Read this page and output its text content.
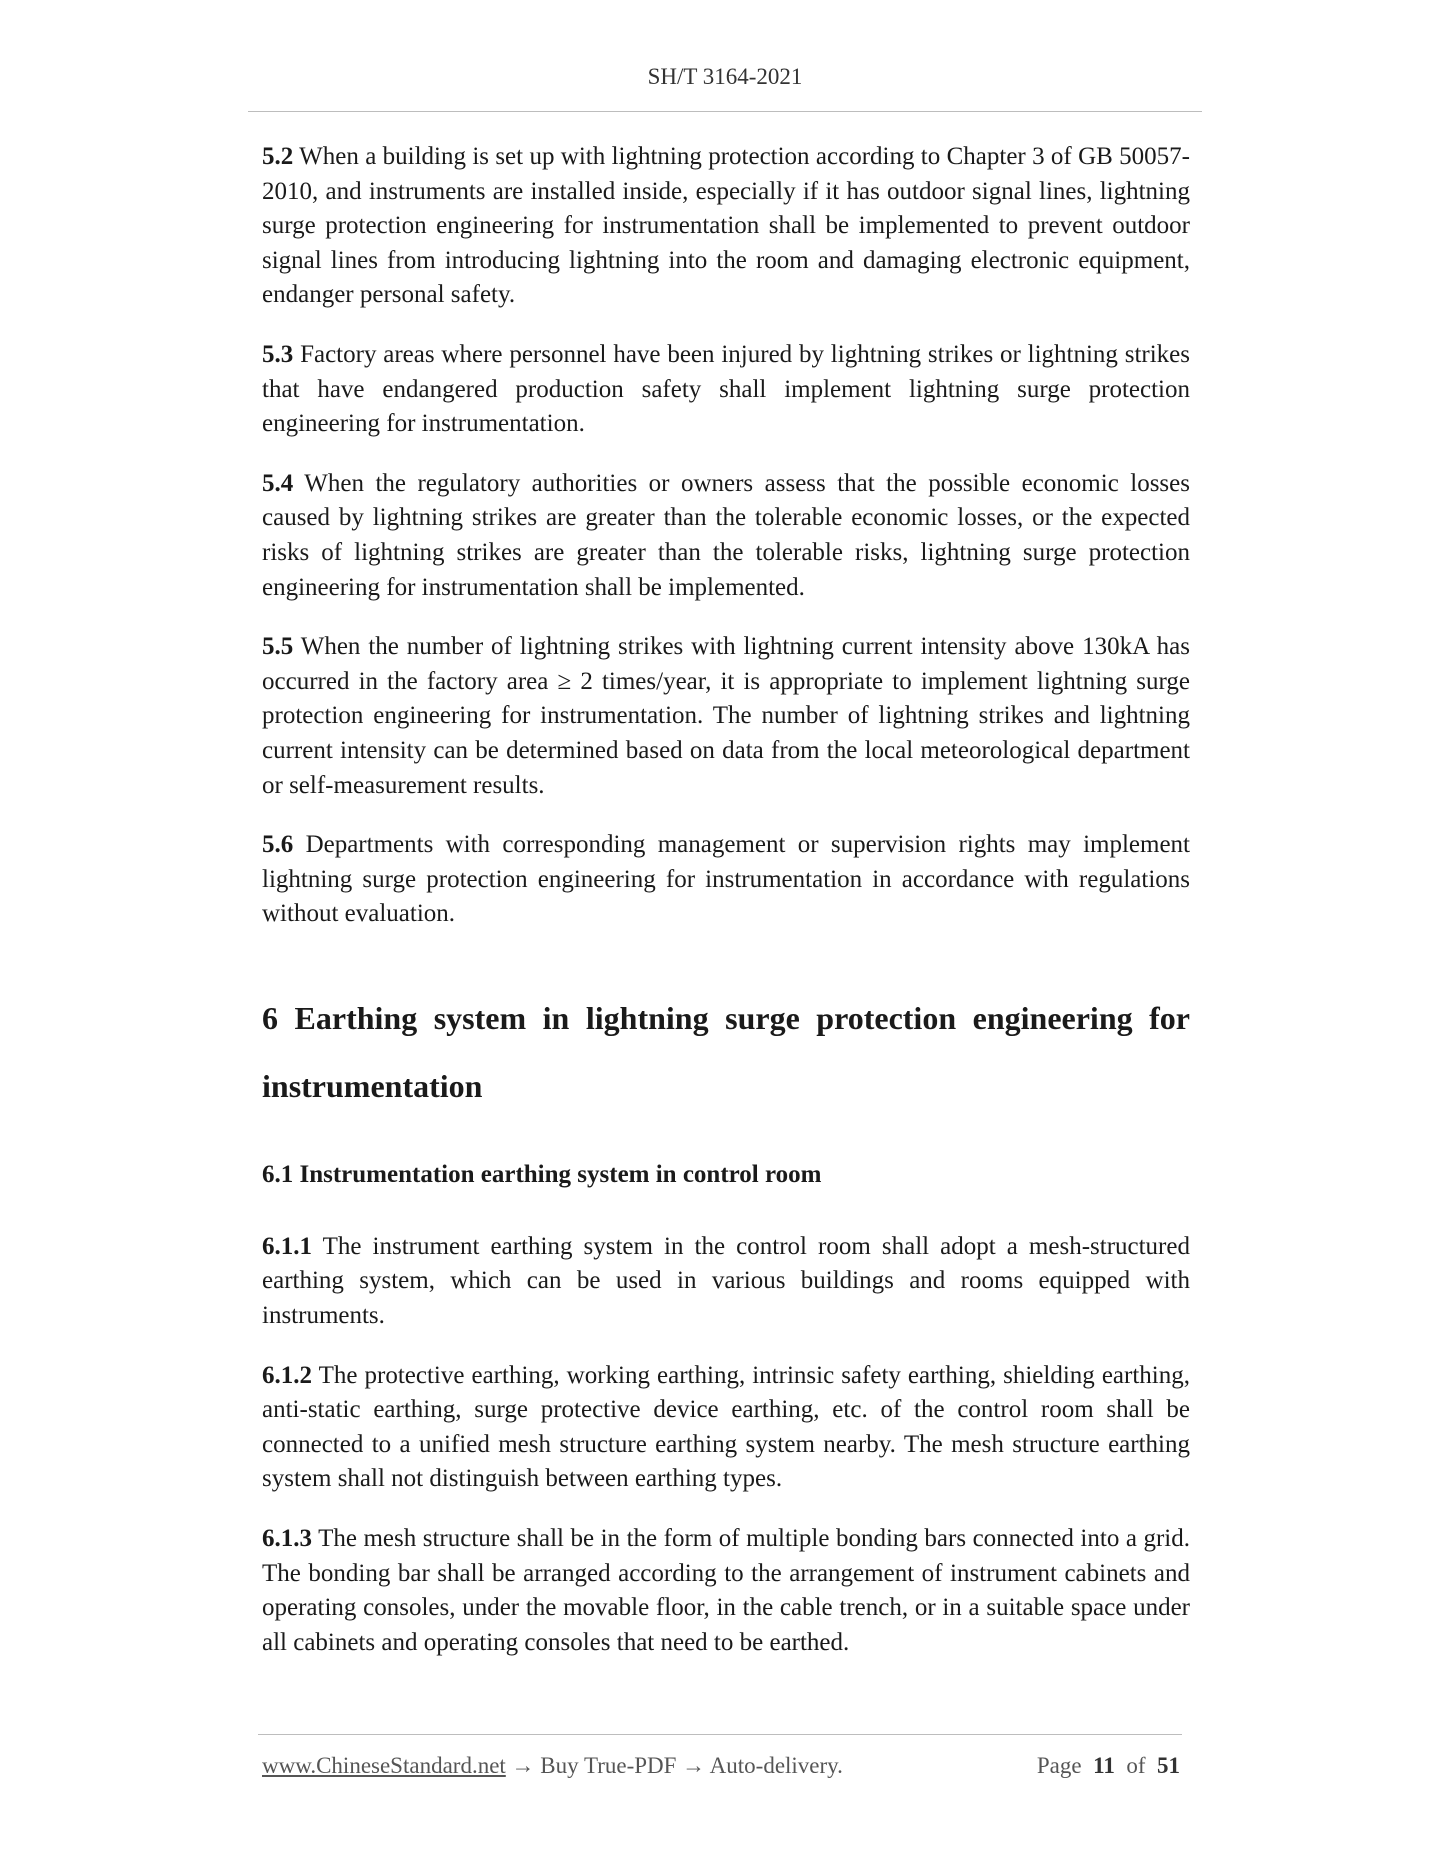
SH/T 3164-2021

5.2 When a building is set up with lightning protection according to Chapter 3 of GB 50057-2010, and instruments are installed inside, especially if it has outdoor signal lines, lightning surge protection engineering for instrumentation shall be implemented to prevent outdoor signal lines from introducing lightning into the room and damaging electronic equipment, endanger personal safety.

5.3 Factory areas where personnel have been injured by lightning strikes or lightning strikes that have endangered production safety shall implement lightning surge protection engineering for instrumentation.

5.4 When the regulatory authorities or owners assess that the possible economic losses caused by lightning strikes are greater than the tolerable economic losses, or the expected risks of lightning strikes are greater than the tolerable risks, lightning surge protection engineering for instrumentation shall be implemented.

5.5 When the number of lightning strikes with lightning current intensity above 130kA has occurred in the factory area ≥ 2 times/year, it is appropriate to implement lightning surge protection engineering for instrumentation. The number of lightning strikes and lightning current intensity can be determined based on data from the local meteorological department or self-measurement results.

5.6 Departments with corresponding management or supervision rights may implement lightning surge protection engineering for instrumentation in accordance with regulations without evaluation.

6 Earthing system in lightning surge protection engineering for instrumentation
6.1 Instrumentation earthing system in control room

6.1.1 The instrument earthing system in the control room shall adopt a mesh-structured earthing system, which can be used in various buildings and rooms equipped with instruments.

6.1.2 The protective earthing, working earthing, intrinsic safety earthing, shielding earthing, anti-static earthing, surge protective device earthing, etc. of the control room shall be connected to a unified mesh structure earthing system nearby. The mesh structure earthing system shall not distinguish between earthing types.

6.1.3 The mesh structure shall be in the form of multiple bonding bars connected into a grid. The bonding bar shall be arranged according to the arrangement of instrument cabinets and operating consoles, under the movable floor, in the cable trench, or in a suitable space under all cabinets and operating consoles that need to be earthed.

www.ChineseStandard.net → Buy True-PDF → Auto-delivery.	Page 11 of 51
